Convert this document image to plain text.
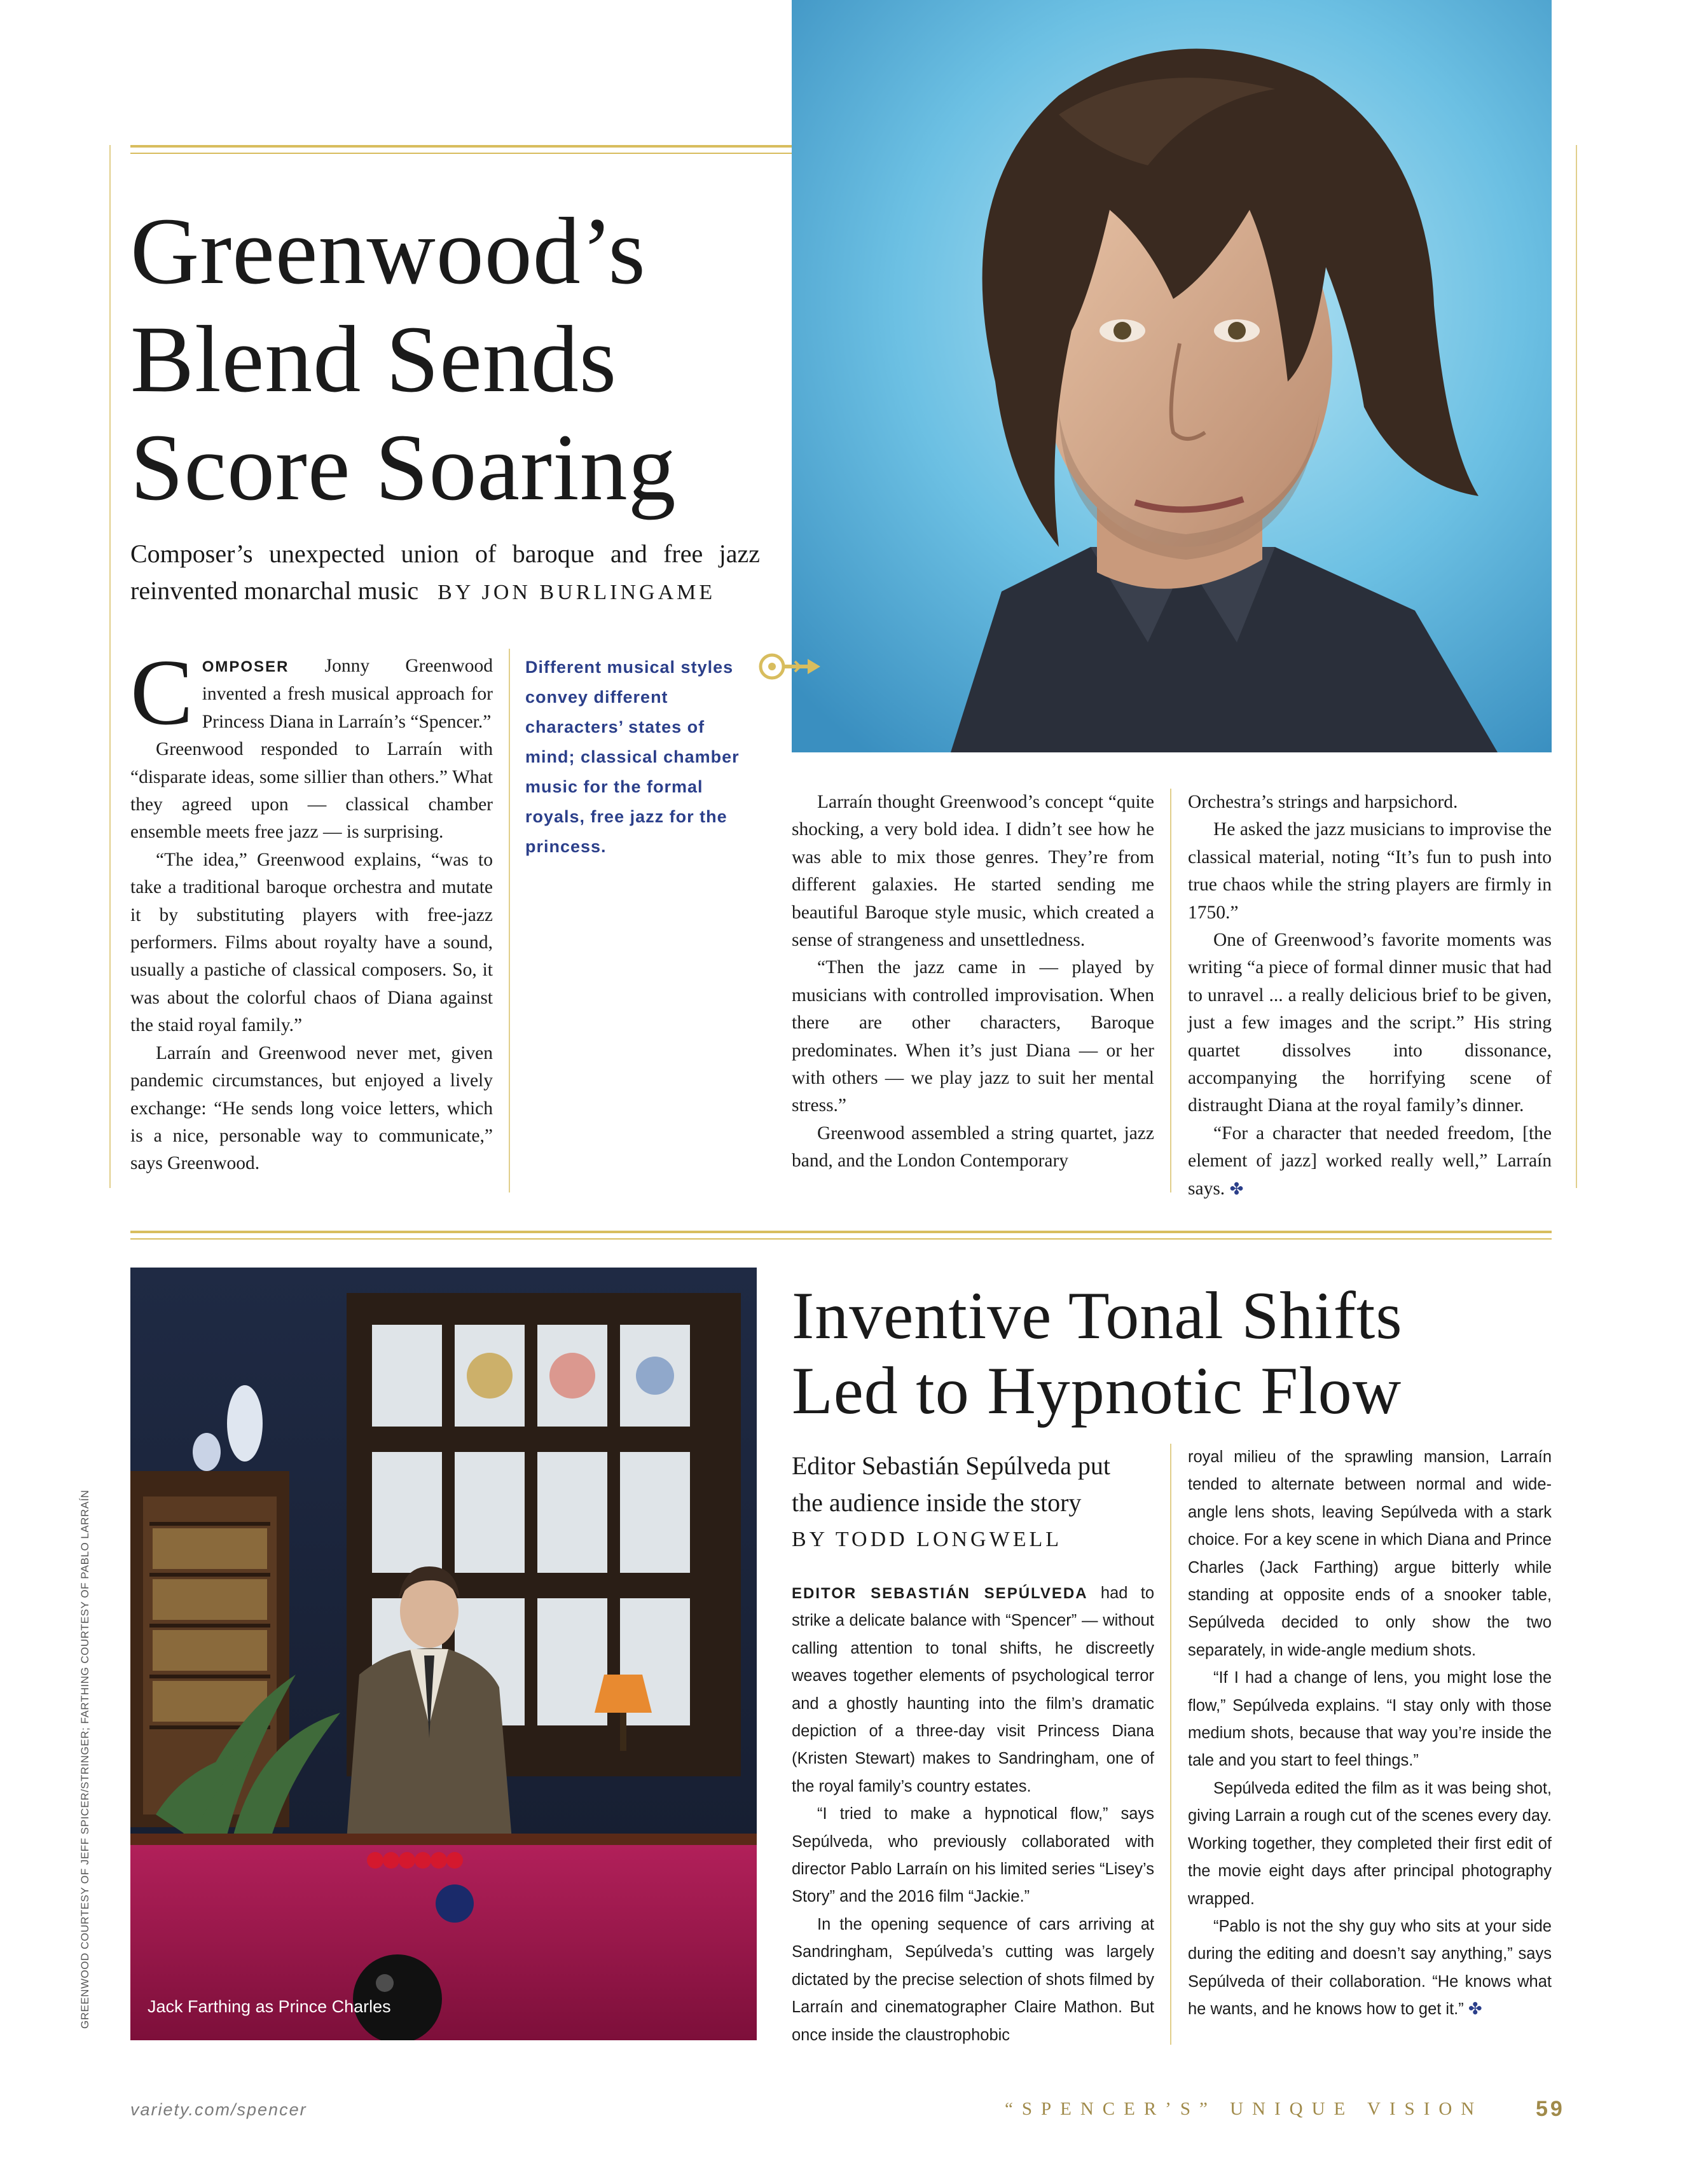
Greenwood’s
Blend Sends
Score Soaring
Composer’s unexpected union of baroque and free jazz reinvented monarchal music BY JON BURLINGAME

C OMPOSER Jonny Greenwood invented a fresh musical approach for Princess Diana in Larraín’s “Spencer.”

Greenwood responded to Larraín with “disparate ideas, some sillier than others.” What they agreed upon — classical chamber ensemble meets free jazz — is surprising.

“The idea,” Greenwood explains, “was to take a traditional baroque orchestra and mutate it by substituting players with free-jazz performers. Films about royalty have a sound, usually a pastiche of classical composers. So, it was about the colorful chaos of Diana against the staid royal family.”

Larraín and Greenwood never met, given pandemic circumstances, but enjoyed a lively exchange: “He sends long voice letters, which is a nice, personable way to communicate,” says Greenwood.

Different musical styles convey different characters’ states of mind; classical chamber music for the formal royals, free jazz for the princess.

Larraín thought Greenwood’s concept “quite shocking, a very bold idea. I didn’t see how he was able to mix those genres. They’re from different galaxies. He started sending me beautiful Baroque style music, which created a sense of strangeness and unsettledness.

“Then the jazz came in — played by musicians with controlled improvisation. When there are other characters, Baroque predominates. When it’s just Diana — or her with others — we play jazz to suit her mental stress.”

Greenwood assembled a string quartet, jazz band, and the London Contemporary

Orchestra’s strings and harpsichord.

He asked the jazz musicians to improvise the classical material, noting “It’s fun to push into true chaos while the string players are firmly in 1750.”

One of Greenwood’s favorite moments was writing “a piece of formal dinner music that had to unravel ... a really delicious brief to be given, just a few images and the script.” His string quartet dissolves into dissonance, accompanying the horrifying scene of distraught Diana at the royal family’s dinner.

“For a character that needed freedom, [the element of jazz] worked really well,” Larraín says. ✤

Jack Farthing as Prince Charles
GREENWOOD COURTESY OF JEFF SPICER/STRINGER; FARTHING COURTESY OF PABLO LARRAÍN
Inventive Tonal Shifts
Led to Hypnotic Flow
Editor Sebastián Sepúlveda put
the audience inside the story
BY TODD LONGWELL

EDITOR SEBASTIÁN SEPÚLVEDA had to strike a delicate balance with “Spencer” — without calling attention to tonal shifts, he discreetly weaves together elements of psychological terror and a ghostly haunting into the film’s dramatic depiction of a three-day visit Princess Diana (Kristen Stewart) makes to Sandringham, one of the royal family’s country estates.

“I tried to make a hypnotical flow,” says Sepúlveda, who previously collaborated with director Pablo Larraín on his limited series “Lisey’s Story” and the 2016 film “Jackie.”

In the opening sequence of cars arriving at Sandringham, Sepúlveda’s cutting was largely dictated by the precise selection of shots filmed by Larraín and cinematographer Claire Mathon. But once inside the claustrophobic

royal milieu of the sprawling mansion, Larraín tended to alternate between normal and wide-angle lens shots, leaving Sepúlveda with a stark choice. For a key scene in which Diana and Prince Charles (Jack Farthing) argue bitterly while standing at opposite ends of a snooker table, Sepúlveda decided to only show the two separately, in wide-angle medium shots.

“If I had a change of lens, you might lose the flow,” Sepúlveda explains. “I stay only with those medium shots, because that way you’re inside the tale and you start to feel things.”

Sepúlveda edited the film as it was being shot, giving Larrain a rough cut of the scenes every day. Working together, they completed their first edit of the movie eight days after principal photography wrapped.

“Pablo is not the shy guy who sits at your side during the editing and doesn’t say anything,” says Sepúlveda of their collaboration. “He knows what he wants, and he knows how to get it.” ✤

variety.com/spencer	“SPENCER’S” UNIQUE VISION 59
